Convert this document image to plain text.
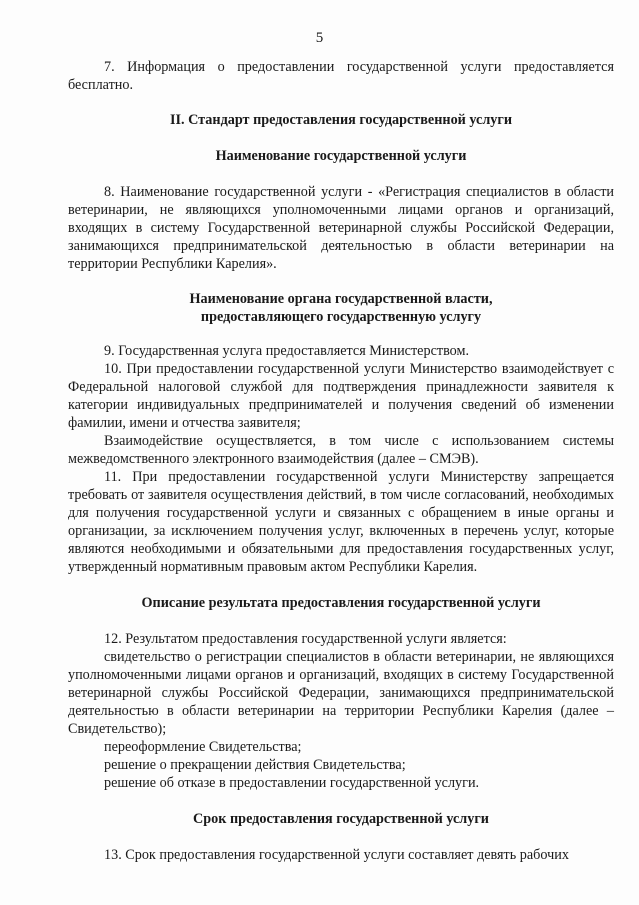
5

7. Информация о предоставлении государственной услуги предоставляется бесплатно.

II. Стандарт предоставления государственной услуги

Наименование государственной услуги

8. Наименование государственной услуги - «Регистрация специалистов в области ветеринарии, не являющихся уполномоченными лицами органов и организаций, входящих в систему Государственной ветеринарной службы Российской Федерации, занимающихся предпринимательской деятельностью в области ветеринарии на территории Республики Карелия».

Наименование органа государственной власти,

предоставляющего государственную услугу

9. Государственная услуга предоставляется Министерством.

10. При предоставлении государственной услуги Министерство взаимодействует с Федеральной налоговой службой для подтверждения принадлежности заявителя к категории индивидуальных предпринимателей и получения сведений об изменении фамилии, имени и отчества заявителя;

Взаимодействие осуществляется, в том числе с использованием системы межведомственного электронного взаимодействия (далее – СМЭВ).

11. При предоставлении государственной услуги Министерству запрещается требовать от заявителя осуществления действий, в том числе согласований, необходимых для получения государственной услуги и связанных с обращением в иные органы и организации, за исключением получения услуг, включенных в перечень услуг, которые являются необходимыми и обязательными для предоставления государственных услуг, утвержденный нормативным правовым актом Республики Карелия.

Описание результата предоставления государственной услуги

12. Результатом предоставления государственной услуги является:

свидетельство о регистрации специалистов в области ветеринарии, не являющихся уполномоченными лицами органов и организаций, входящих в систему Государственной ветеринарной службы Российской Федерации, занимающихся предпринимательской деятельностью в области ветеринарии на территории Республики Карелия (далее – Свидетельство);

переоформление Свидетельства;

решение о прекращении действия Свидетельства;

решение об отказе в предоставлении государственной услуги.

Срок предоставления государственной услуги

13. Срок предоставления государственной услуги составляет девять рабочих
